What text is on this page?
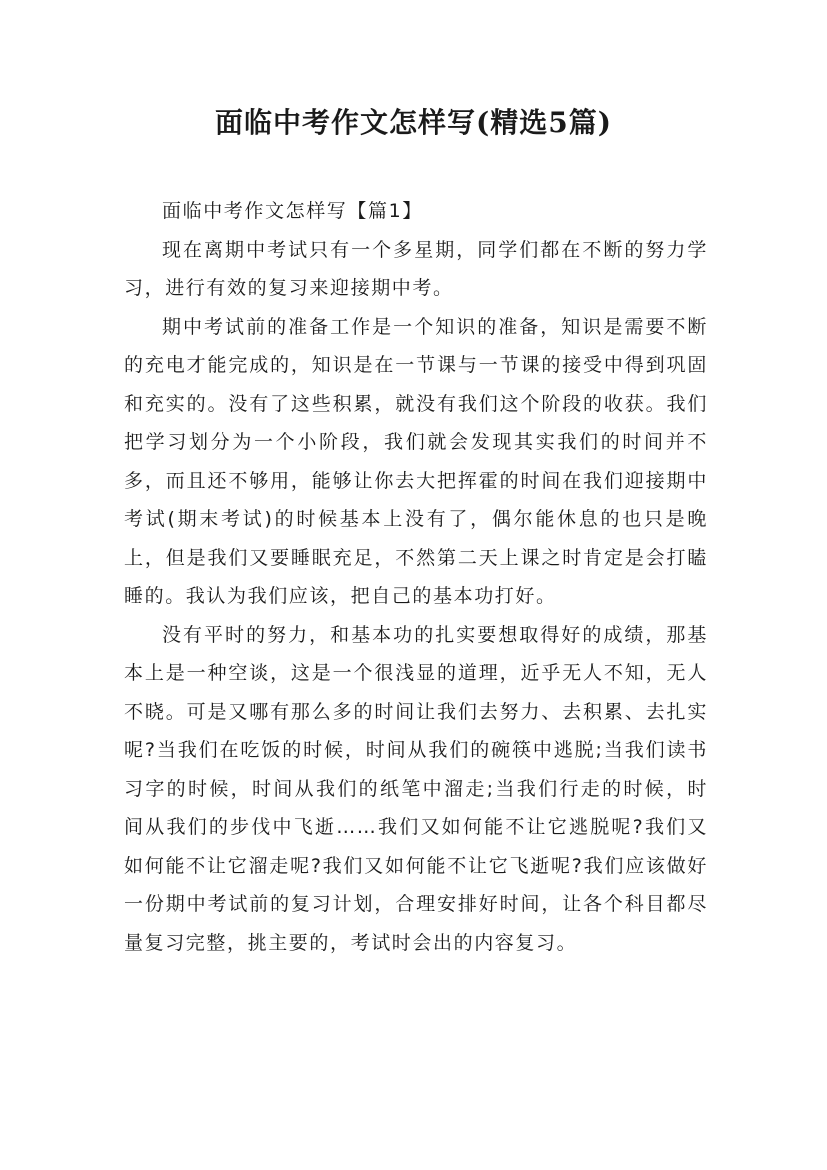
面临中考作文怎样写(精选5篇)

面临中考作文怎样写【篇1】

现在离期中考试只有一个多星期，同学们都在不断的努力学习，进行有效的复习来迎接期中考。

期中考试前的准备工作是一个知识的准备，知识是需要不断的充电才能完成的，知识是在一节课与一节课的接受中得到巩固和充实的。没有了这些积累，就没有我们这个阶段的收获。我们把学习划分为一个小阶段，我们就会发现其实我们的时间并不多，而且还不够用，能够让你去大把挥霍的时间在我们迎接期中考试(期末考试)的时候基本上没有了，偶尔能休息的也只是晚上，但是我们又要睡眠充足，不然第二天上课之时肯定是会打瞌睡的。我认为我们应该，把自己的基本功打好。

没有平时的努力，和基本功的扎实要想取得好的成绩，那基本上是一种空谈，这是一个很浅显的道理，近乎无人不知，无人不晓。可是又哪有那么多的时间让我们去努力、去积累、去扎实呢?当我们在吃饭的时候，时间从我们的碗筷中逃脱;当我们读书习字的时候，时间从我们的纸笔中溜走;当我们行走的时候，时间从我们的步伐中飞逝……我们又如何能不让它逃脱呢?我们又如何能不让它溜走呢?我们又如何能不让它飞逝呢?我们应该做好一份期中考试前的复习计划，合理安排好时间，让各个科目都尽量复习完整，挑主要的，考试时会出的内容复习。
